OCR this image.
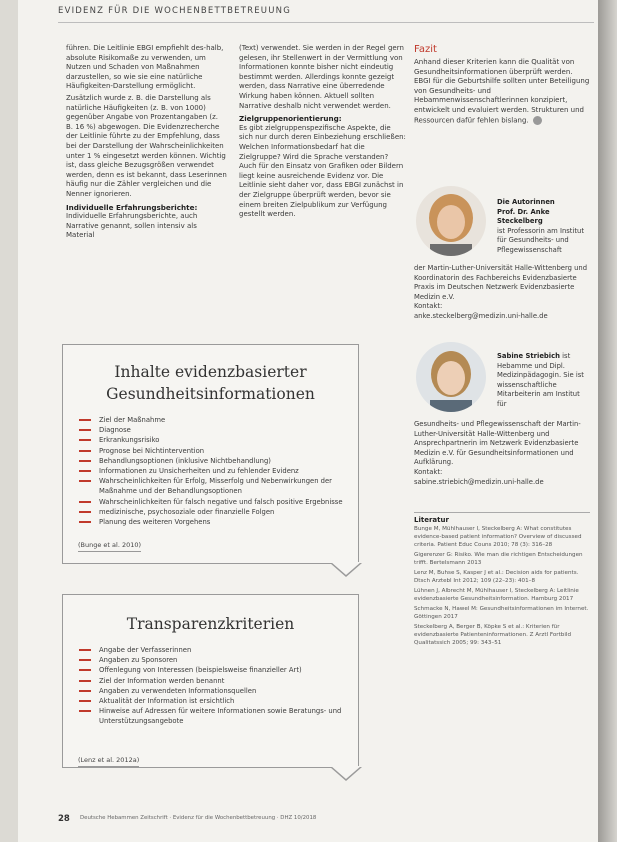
EVIDENZ FÜR DIE WOCHENBETTBETREUUNG

führen. Die Leitlinie EBGI empfiehlt des-halb, absolute Risikomaße zu verwenden, um Nutzen und Schaden von Maßnahmen darzustellen, so wie sie eine natürliche Häufigkeiten-Darstellung ermöglicht.

Zusätzlich wurde z. B. die Darstellung als natürliche Häufigkeiten (z. B. von 1000) gegenüber Angabe von Prozentangaben (z. B. 16 %) abgewogen. Die Evidenzrecherche der Leitlinie führte zu der Empfehlung, dass bei der Darstellung der Wahrscheinlichkeiten unter 1 % eingesetzt werden können. Wichtig ist, dass gleiche Bezugsgrößen verwendet werden, denn es ist bekannt, dass Leserinnen häufig nur die Zähler vergleichen und die Nenner ignorieren.

Individuelle Erfahrungsberichte:

Individuelle Erfahrungsberichte, auch Narrative genannt, sollen intensiv als Material

(Text) verwendet. Sie werden in der Regel gern gelesen, ihr Stellenwert in der Vermittlung von Informationen konnte bisher nicht eindeutig bestimmt werden. Allerdings konnte gezeigt werden, dass Narrative eine überredende Wirkung haben können. Aktuell sollten Narrative deshalb nicht verwendet werden.

Zielgruppenorientierung:

Es gibt zielgruppenspezifische Aspekte, die sich nur durch deren Einbeziehung erschließen: Welchen Informationsbedarf hat die Zielgruppe? Wird die Sprache verstanden? Auch für den Einsatz von Grafiken oder Bildern liegt keine ausreichende Evidenz vor. Die Leitlinie sieht daher vor, dass EBGI zunächst in der Zielgruppe überprüft werden, bevor sie einem breiten Zielpublikum zur Verfügung gestellt werden.

Fazit

Anhand dieser Kriterien kann die Qualität von Gesundheitsinformationen überprüft werden. EBGI für die Geburtshilfe sollten unter Beteiligung von Gesundheits- und Hebammenwissenschaftlerinnen konzipiert, entwickelt und evaluiert werden. Strukturen und Ressourcen dafür fehlen bislang.

Die Autorinnen
Prof. Dr. Anke Steckelberg
ist Professorin am Institut für Gesundheits- und Pflegewissenschaft
der Martin-Luther-Universität Halle-Wittenberg und Koordinatorin des Fachbereichs Evidenzbasierte Praxis im Deutschen Netzwerk Evidenzbasierte Medizin e.V.
Kontakt:
anke.steckelberg@medizin.uni-halle.de
Sabine Striebich ist Hebamme und Dipl. Medizinpädagogin. Sie ist wissenschaftliche Mitarbeiterin am Institut für
Gesundheits- und Pflegewissenschaft der Martin-Luther-Universität Halle-Wittenberg und Ansprechpartnerin im Netzwerk Evidenzbasierte Medizin e.V. für Gesundheitsinformationen und Aufklärung.
Kontakt:
sabine.striebich@medizin.uni-halle.de
Inhalte evidenzbasierter
Gesundheitsinformationen
Ziel der Maßnahme
Diagnose
Erkrankungsrisiko
Prognose bei Nichtintervention
Behandlungsoptionen (inklusive Nichtbehandlung)
Informationen zu Unsicherheiten und zu fehlender Evidenz
Wahrscheinlichkeiten für Erfolg, Misserfolg und Nebenwirkungen der Maßnahme und der Behandlungsoptionen
Wahrscheinlichkeiten für falsch negative und falsch positive Ergebnisse
medizinische, psychosoziale oder finanzielle Folgen
Planung des weiteren Vorgehens
(Bunge et al. 2010)
Transparenzkriterien
Angabe der Verfasserinnen
Angaben zu Sponsoren
Offenlegung von Interessen (beispielsweise finanzieller Art)
Ziel der Information werden benannt
Angaben zu verwendeten Informationsquellen
Aktualität der Information ist ersichtlich
Hinweise auf Adressen für weitere Informationen sowie Beratungs- und Unterstützungsangebote
(Lenz et al. 2012a)
Literatur

Bunge M, Mühlhauser I, Steckelberg A: What constitutes evidence-based patient information? Overview of discussed criteria. Patient Educ Couns 2010; 78 (3): 316–28

Gigerenzer G: Risiko. Wie man die richtigen Entscheidungen trifft. Bertelsmann 2013

Lenz M, Buhse S, Kasper J et al.: Decision aids for patients. Dtsch Arztebl Int 2012; 109 (22–23): 401–8

Lühnen J, Albrecht M, Mühlhauser I, Steckelberg A: Leitlinie evidenzbasierte Gesundheitsinformation. Hamburg 2017

Schmacke N, Hawel M: Gesundheitsinformationen im Internet. Göttingen 2017

Steckelberg A, Berger B, Köpke S et al.: Kriterien für evidenzbasierte Patienteninformationen. Z Arztl Fortbild Qualitatssich 2005; 99: 343–51

28 Deutsche Hebammen Zeitschrift · Evidenz für die Wochenbettbetreuung · DHZ 10/2018
